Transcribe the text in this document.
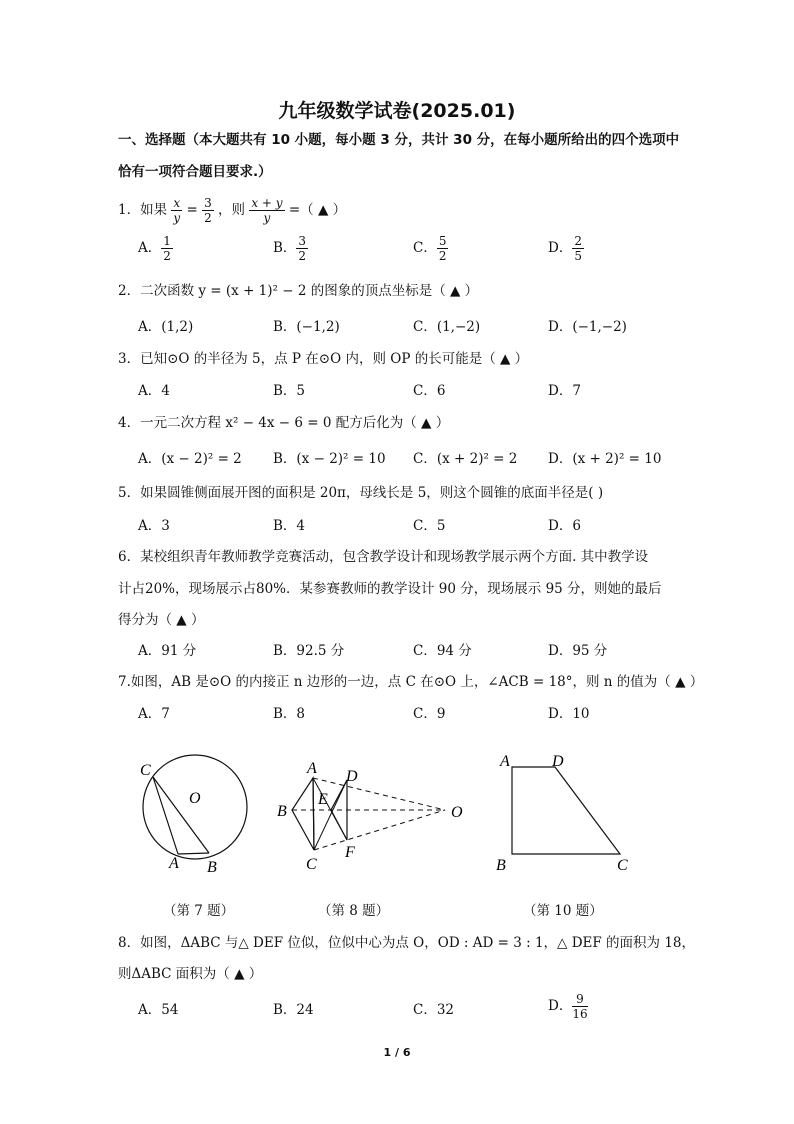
九年级数学试卷(2025.01)
一、选择题（本大题共有 10 小题，每小题 3 分，共计 30 分，在每小题所给出的四个选项中
恰有一项符合题目要求.）
1．如果 $\frac{x}{y} = \frac{3}{2}$ ，则 $\frac{x + y}{y}$ =（ ▲ ）
A． $\frac{1}{2}$	B． $\frac{3}{2}$	C． $\frac{5}{2}$	D． $\frac{2}{5}$
2．二次函数 y = (x + 1)² − 2 的图象的顶点坐标是（ ▲ ）
A．(1,2)	B．(−1,2)	C．(1,−2)	D．(−1,−2)
3．已知⊙O 的半径为 5，点 P 在⊙O 内，则 OP 的长可能是（ ▲ ）
A．4	B．5	C．6	D．7
4．一元二次方程 x² − 4x − 6 = 0 配方后化为（ ▲ ）
A．(x − 2)² = 2 B．(x − 2)² = 10 C．(x + 2)² = 2 D．(x + 2)² = 10
5．如果圆锥侧面展开图的面积是 20π，母线长是 5，则这个圆锥的底面半径是( )
A．3	B．4	C．5	D．6
6．某校组织青年教师教学竞赛活动，包含教学设计和现场教学展示两个方面. 其中教学设
计占20%，现场展示占80%．某参赛教师的教学设计 90 分，现场展示 95 分，则她的最后
得分为（ ▲ ）
A．91 分	B．92.5 分	C．94 分	D．95 分
7.如图，AB 是⊙O 的内接正 n 边形的一边，点 C 在⊙O 上，∠ACB = 18°，则 n 的值为（ ▲ ）
A．7	B．8	C．9	D．10
C
O
A B
A D
B
E
O
C
F
A	D
B	C
（第 7 题）	（第 8 题）	（第 10 题）
8．如图，ΔABC 与△ DEF 位似，位似中心为点 O，OD : AD = 3 : 1，△ DEF 的面积为 18，
则ΔABC 面积为（ ▲ ）
A．54	B．24	C．32	D． $\frac{9}{16}$
1 / 6
